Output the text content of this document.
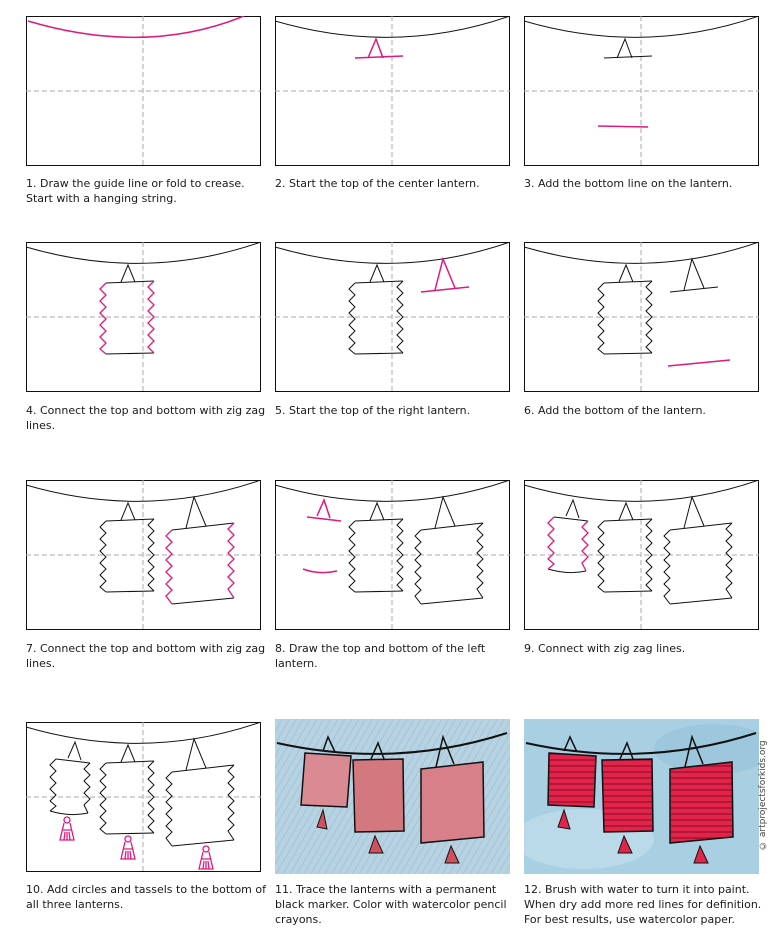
1. Draw the guide line or fold to crease. Start with a hanging string.
2. Start the top of the center lantern.	3. Add the bottom line on the lantern.
4. Connect the top and bottom with zig zag lines.
5. Start the top of the right lantern.	6. Add the bottom of the lantern.
7. Connect the top and bottom with zig zag lines.
8. Draw the top and bottom of the left lantern.
9. Connect with zig zag lines.
10. Add circles and tassels to the bottom of all three lanterns.
11. Trace the lanterns with a permanent black marker. Color with watercolor pencil crayons.
12. Brush with water to turn it into paint. When dry add more red lines for definition. For best results, use watercolor paper.
© artprojectsforkids.org
